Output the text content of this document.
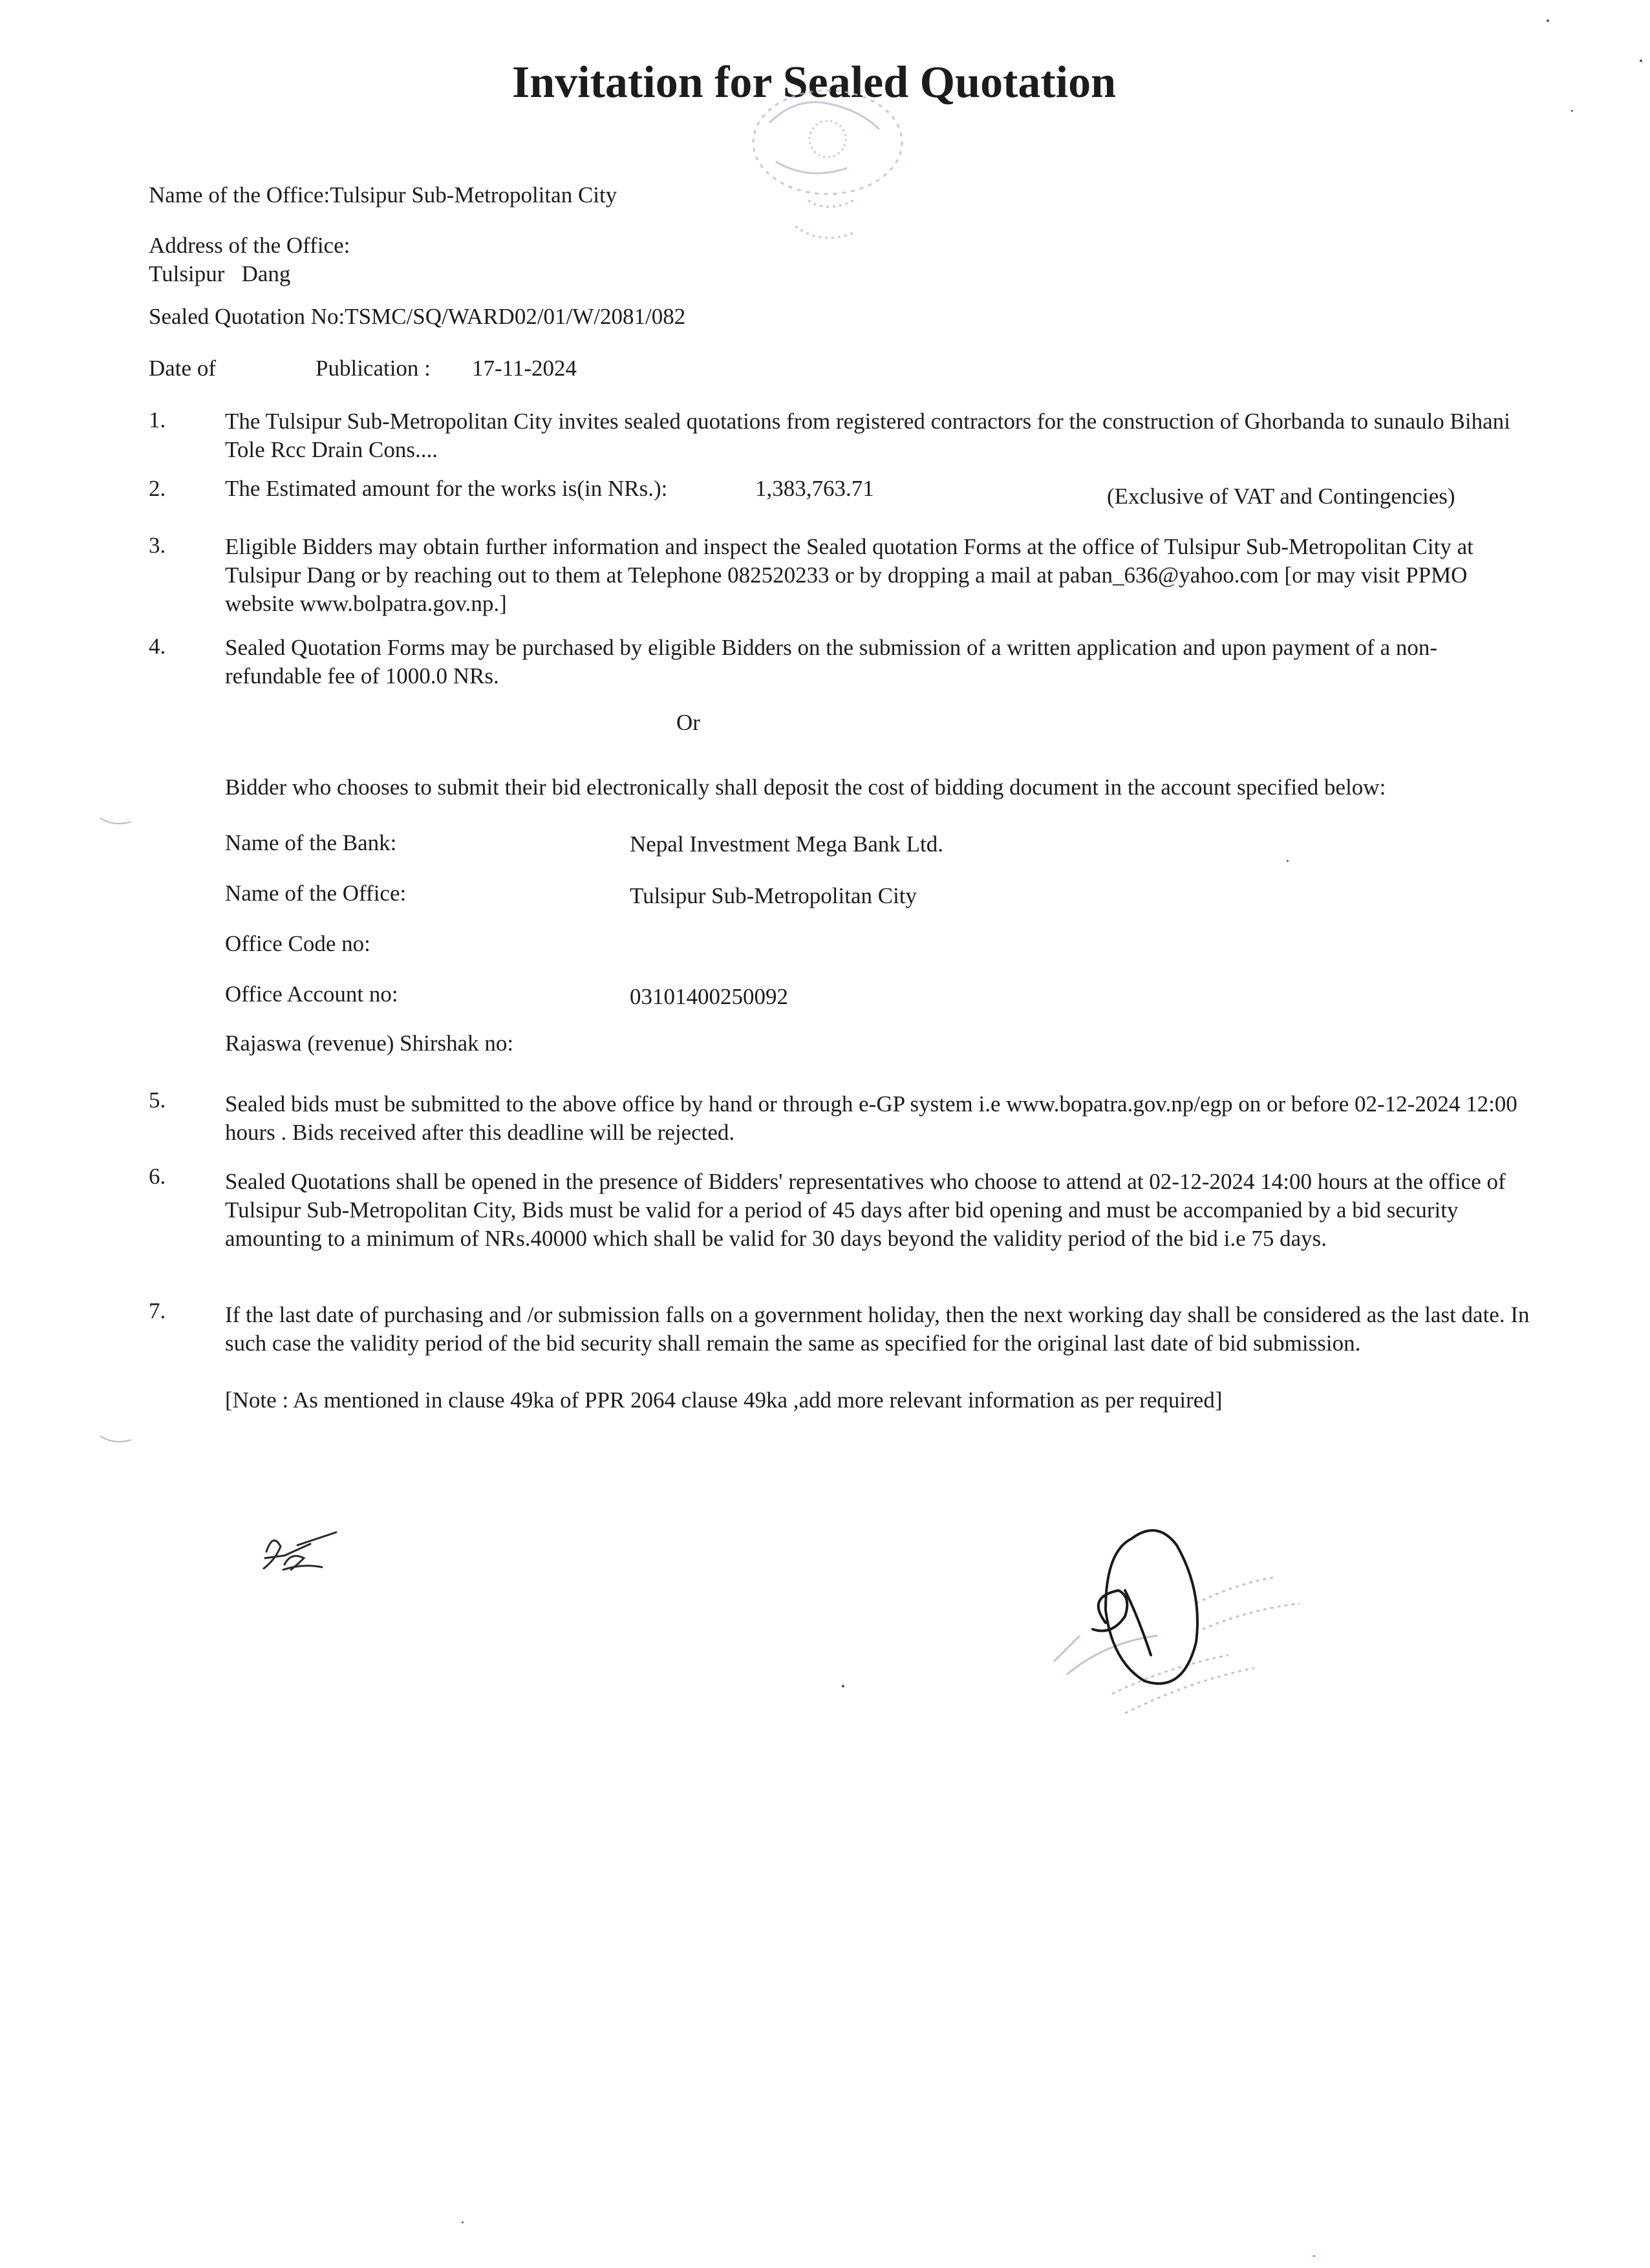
Invitation for Sealed Quotation
Name of the Office:Tulsipur Sub-Metropolitan City
Address of the Office:
Tulsipur   Dang
Sealed Quotation No:TSMC/SQ/WARD02/01/W/2081/082
Date of	Publication : 17-11-2024
1.	The Tulsipur Sub-Metropolitan City invites sealed quotations from registered contractors for the construction of Ghorbanda to sunaulo Bihani Tole Rcc Drain Cons....
2.	The Estimated amount for the works is(in NRs.):	1,383,763.71	(Exclusive of VAT and Contingencies)
3.	Eligible Bidders may obtain further information and inspect the Sealed quotation Forms at the office of Tulsipur Sub-Metropolitan City at Tulsipur Dang or by reaching out to them at Telephone 082520233 or by dropping a mail at paban_636@yahoo.com [or may visit PPMO website www.bolpatra.gov.np.]
4.	Sealed Quotation Forms may be purchased by eligible Bidders on the submission of a written application and upon payment of a non-refundable fee of 1000.0 NRs.
Or
Bidder who chooses to submit their bid electronically shall deposit the cost of bidding document in the account specified below:
Name of the Bank:	Nepal Investment Mega Bank Ltd.
Name of the Office:	Tulsipur Sub-Metropolitan City
Office Code no:
Office Account no:	03101400250092
Rajaswa (revenue) Shirshak no:
5.	Sealed bids must be submitted to the above office by hand or through e-GP system i.e www.bopatra.gov.np/egp on or before 02-12-2024 12:00 hours . Bids received after this deadline will be rejected.
6.	Sealed Quotations shall be opened in the presence of Bidders' representatives who choose to attend at 02-12-2024 14:00 hours at the office of Tulsipur Sub-Metropolitan City, Bids must be valid for a period of 45 days after bid opening and must be accompanied by a bid security amounting to a minimum of NRs.40000 which shall be valid for 30 days beyond the validity period of the bid i.e 75 days.
7.	If the last date of purchasing and /or submission falls on a government holiday, then the next working day shall be considered as the last date. In such case the validity period of the bid security shall remain the same as specified for the original last date of bid submission.
[Note : As mentioned in clause 49ka of PPR 2064 clause 49ka ,add more relevant information as per required]
